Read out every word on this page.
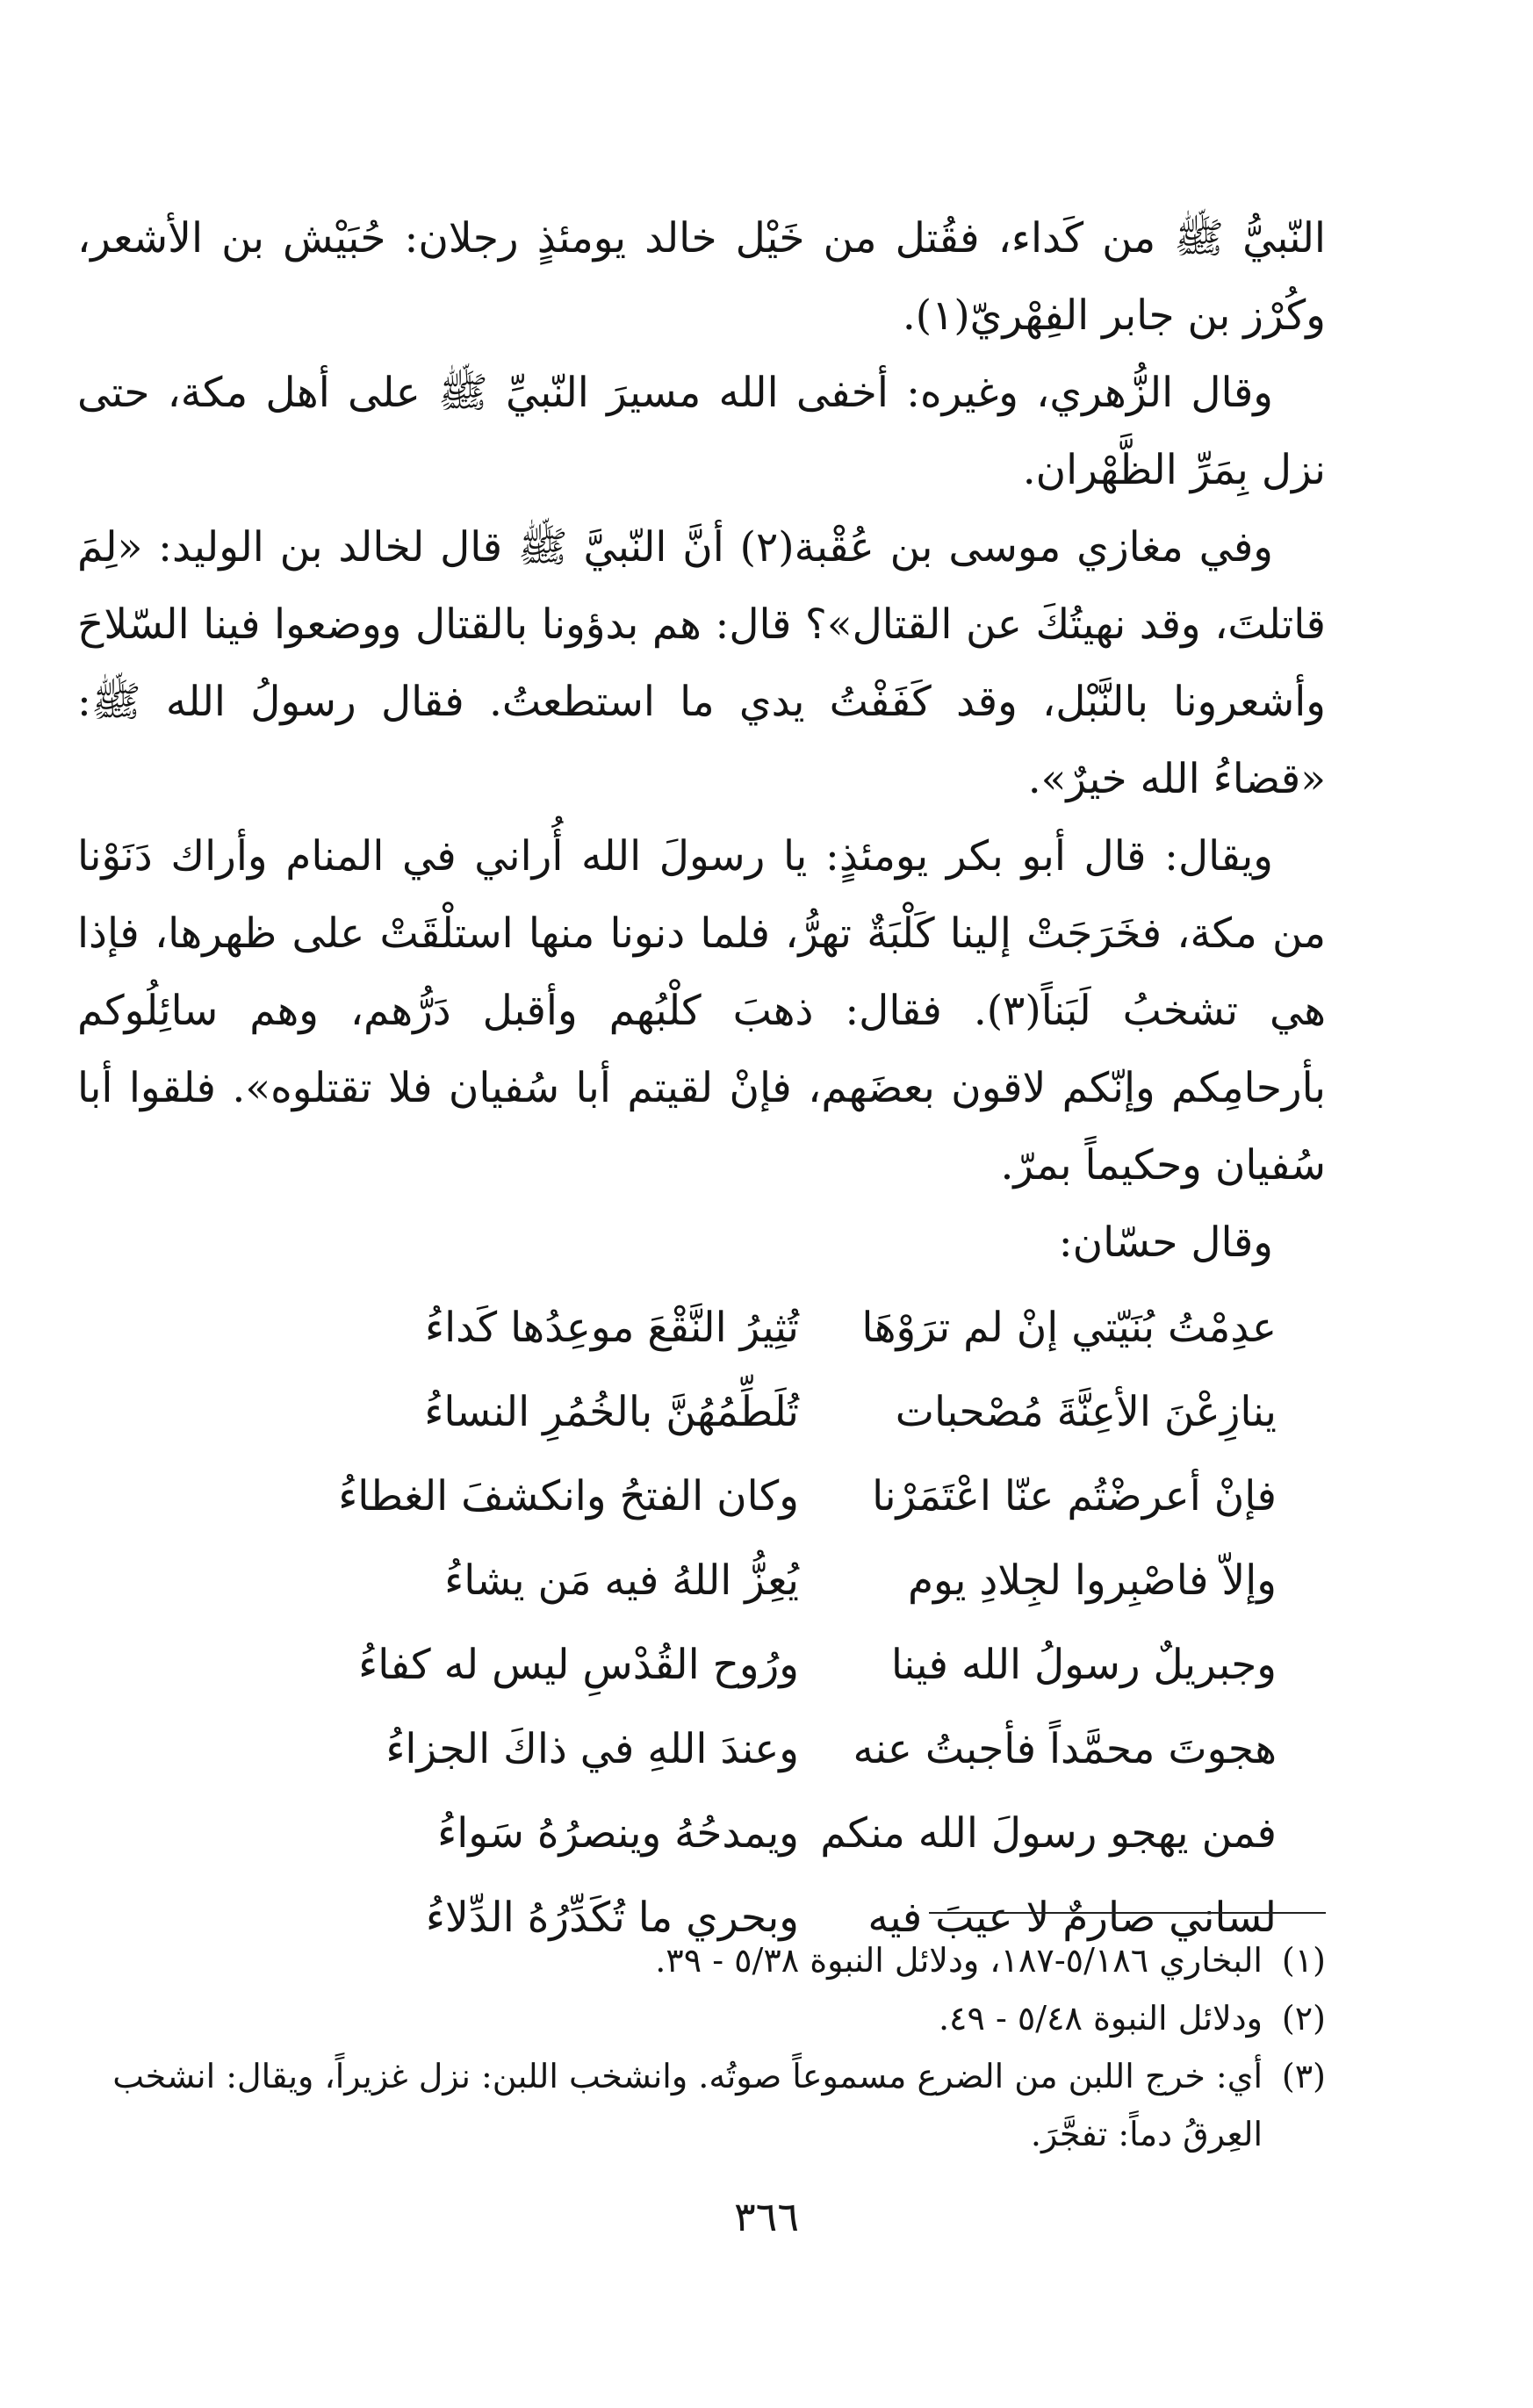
النّبيُّ ﷺ من كَداء، فقُتل من خَيْل خالد يومئذٍ رجلان: حُبَيْش بن الأشعر، وكُرْز بن جابر الفِهْريّ(١).

وقال الزُّهري، وغيره: أخفى الله مسيرَ النّبيِّ ﷺ على أهل مكة، حتى نزل بِمَرِّ الظَّهْران.

وفي مغازي موسى بن عُقْبة(٢) أنَّ النّبيَّ ﷺ قال لخالد بن الوليد: «لِمَ قاتلتَ، وقد نهيتُكَ عن القتال»؟ قال: هم بدؤونا بالقتال ووضعوا فينا السّلاحَ وأشعرونا بالنَّبْل، وقد كَفَفْتُ يدي ما استطعتُ. فقال رسولُ الله ﷺ: «قضاءُ الله خيرٌ».

ويقال: قال أبو بكر يومئذٍ: يا رسولَ الله أُراني في المنام وأراك دَنَوْنا من مكة، فخَرَجَتْ إلينا كَلْبَةٌ تهرُّ، فلما دنونا منها استلْقَتْ على ظهرها، فإذا هي تشخبُ لَبَناً(٣). فقال: ذهبَ كلْبُهم وأقبل دَرُّهم، وهم سائِلُوكم بأرحامِكم وإنّكم لاقون بعضَهم، فإنْ لقيتم أبا سُفيان فلا تقتلوه». فلقوا أبا سُفيان وحكيماً بمرّ.

وقال حسّان:

عدِمْتُ بُنَيّتي إنْ لم ترَوْهَا
تُثِيرُ النَّقْعَ موعِدُها كَداءُ
ينازِعْنَ الأعِنَّةَ مُصْحبات
تُلَطِّمُهُنَّ بالخُمُرِ النساءُ
فإنْ أعرضْتُم عنّا اعْتَمَرْنا
وكان الفتحُ وانكشفَ الغطاءُ
وإلاّ فاصْبِروا لجِلادِ يوم
يُعِزُّ اللهُ فيه مَن يشاءُ
وجبريلٌ رسولُ الله فينا
ورُوح القُدْسِ ليس له كفاءُ
هجوتَ محمَّداً فأجبتُ عنه
وعندَ اللهِ في ذاكَ الجزاءُ
فمن يهجو رسولَ الله منكم
ويمدحُهُ وينصرُهُ سَواءُ
لساني صارمٌ لا عيبَ فيه
وبحري ما تُكَدِّرُهُ الدِّلاءُ
(١)
البخاري ٥/١٨٦-١٨٧، ودلائل النبوة ٥/٣٨ - ٣٩.
(٢)
ودلائل النبوة ٥/٤٨ - ٤٩.
(٣)
أي: خرج اللبن من الضرع مسموعاً صوتُه. وانشخب اللبن: نزل غزيراً، ويقال: انشخب العِرقُ دماً: تفجَّرَ.
٣٦٦
